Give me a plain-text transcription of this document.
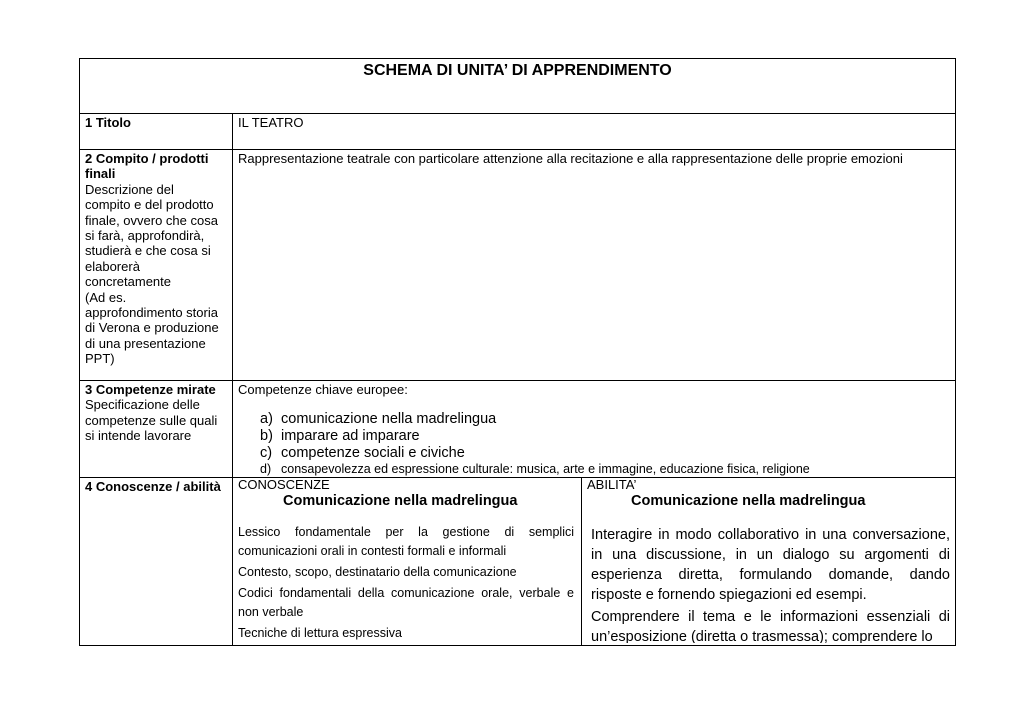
SCHEMA DI UNITA’ DI APPRENDIMENTO
1 Titolo	IL TEATRO
2 Compito / prodotti
finali
Descrizione del
compito e del prodotto
finale, ovvero che cosa
si farà, approfondirà,
studierà e che cosa si
elaborerà
concretamente
(Ad es.
approfondimento storia
di Verona e produzione
di una presentazione
PPT)
Rappresentazione teatrale con particolare attenzione alla recitazione e alla rappresentazione delle proprie emozioni
3 Competenze mirate
Specificazione delle
competenze sulle quali
si intende lavorare
Competenze chiave europee:
a) comunicazione nella madrelingua
b) imparare ad imparare
c) competenze sociali e civiche
d) consapevolezza ed espressione culturale: musica, arte e immagine, educazione fisica, religione
4 Conoscenze / abilità CONOSCENZE
Comunicazione nella madrelingua

Lessico fondamentale per la gestione di semplici comunicazioni orali in contesti formali e informali

Contesto, scopo, destinatario della comunicazione

Codici fondamentali della comunicazione orale, verbale e non verbale

Tecniche di lettura espressiva

ABILITA’
Comunicazione nella madrelingua

Interagire in modo collaborativo in una conversazione, in una discussione, in un dialogo su argomenti di esperienza diretta, formulando domande, dando risposte e fornendo spiegazioni ed esempi.

Comprendere il tema e le informazioni essenziali di un’esposizione (diretta o trasmessa); comprendere lo
